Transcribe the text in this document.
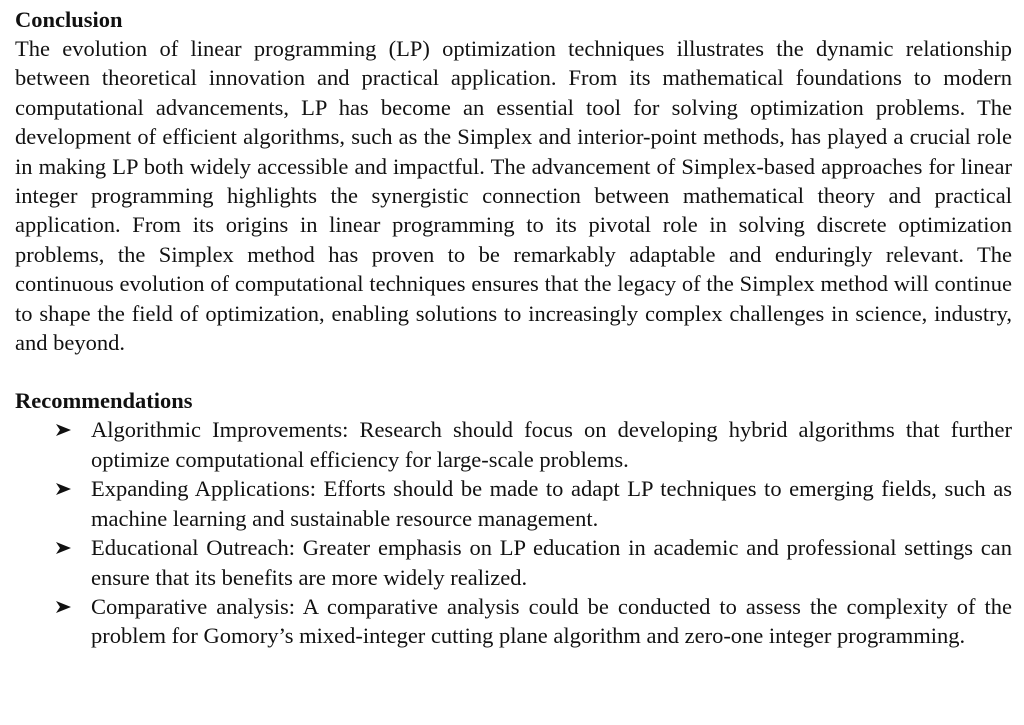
Conclusion

The evolution of linear programming (LP) optimization techniques illustrates the dynamic relationship between theoretical innovation and practical application. From its mathematical foundations to modern computational advancements, LP has become an essential tool for solving optimization problems. The development of efficient algorithms, such as the Simplex and interior-point methods, has played a crucial role in making LP both widely accessible and impactful. The advancement of Simplex-based approaches for linear integer programming highlights the synergistic connection between mathematical theory and practical application. From its origins in linear programming to its pivotal role in solving discrete optimization problems, the Simplex method has proven to be remarkably adaptable and enduringly relevant. The continuous evolution of computational techniques ensures that the legacy of the Simplex method will continue to shape the field of optimization, enabling solutions to increasingly complex challenges in science, industry, and beyond.

Recommendations
Algorithmic Improvements: Research should focus on developing hybrid algorithms that further optimize computational efficiency for large-scale problems.
Expanding Applications: Efforts should be made to adapt LP techniques to emerging fields, such as machine learning and sustainable resource management.
Educational Outreach: Greater emphasis on LP education in academic and professional settings can ensure that its benefits are more widely realized.
Comparative analysis: A comparative analysis could be conducted to assess the complexity of the problem for Gomory’s mixed-integer cutting plane algorithm and zero-one integer programming.
